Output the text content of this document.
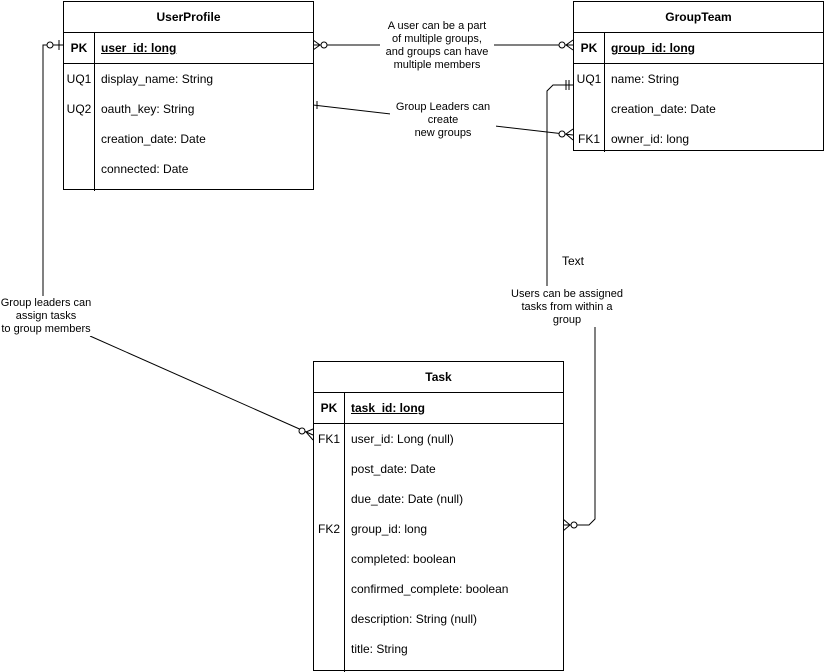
UserProfile
PK	user_id: long
UQ1 display_name: String
UQ2 oauth_key: String
creation_date: Date
connected: Date
GroupTeam
PK	group_id: long
UQ1 name: String
creation_date: Date
FK1 owner_id: long
Task
PK	task_id: long
FK1 user_id: Long (null)
post_date: Date
due_date: Date (null)
FK2 group_id: long
completed: boolean
confirmed_complete: boolean
description: String (null)
title: String
A user can be a part
of multiple groups,
and groups can have
multiple members
Group Leaders can
create
new groups
Group leaders can
assign tasks
to group members
Text
Users can be assigned
tasks from within a
group
